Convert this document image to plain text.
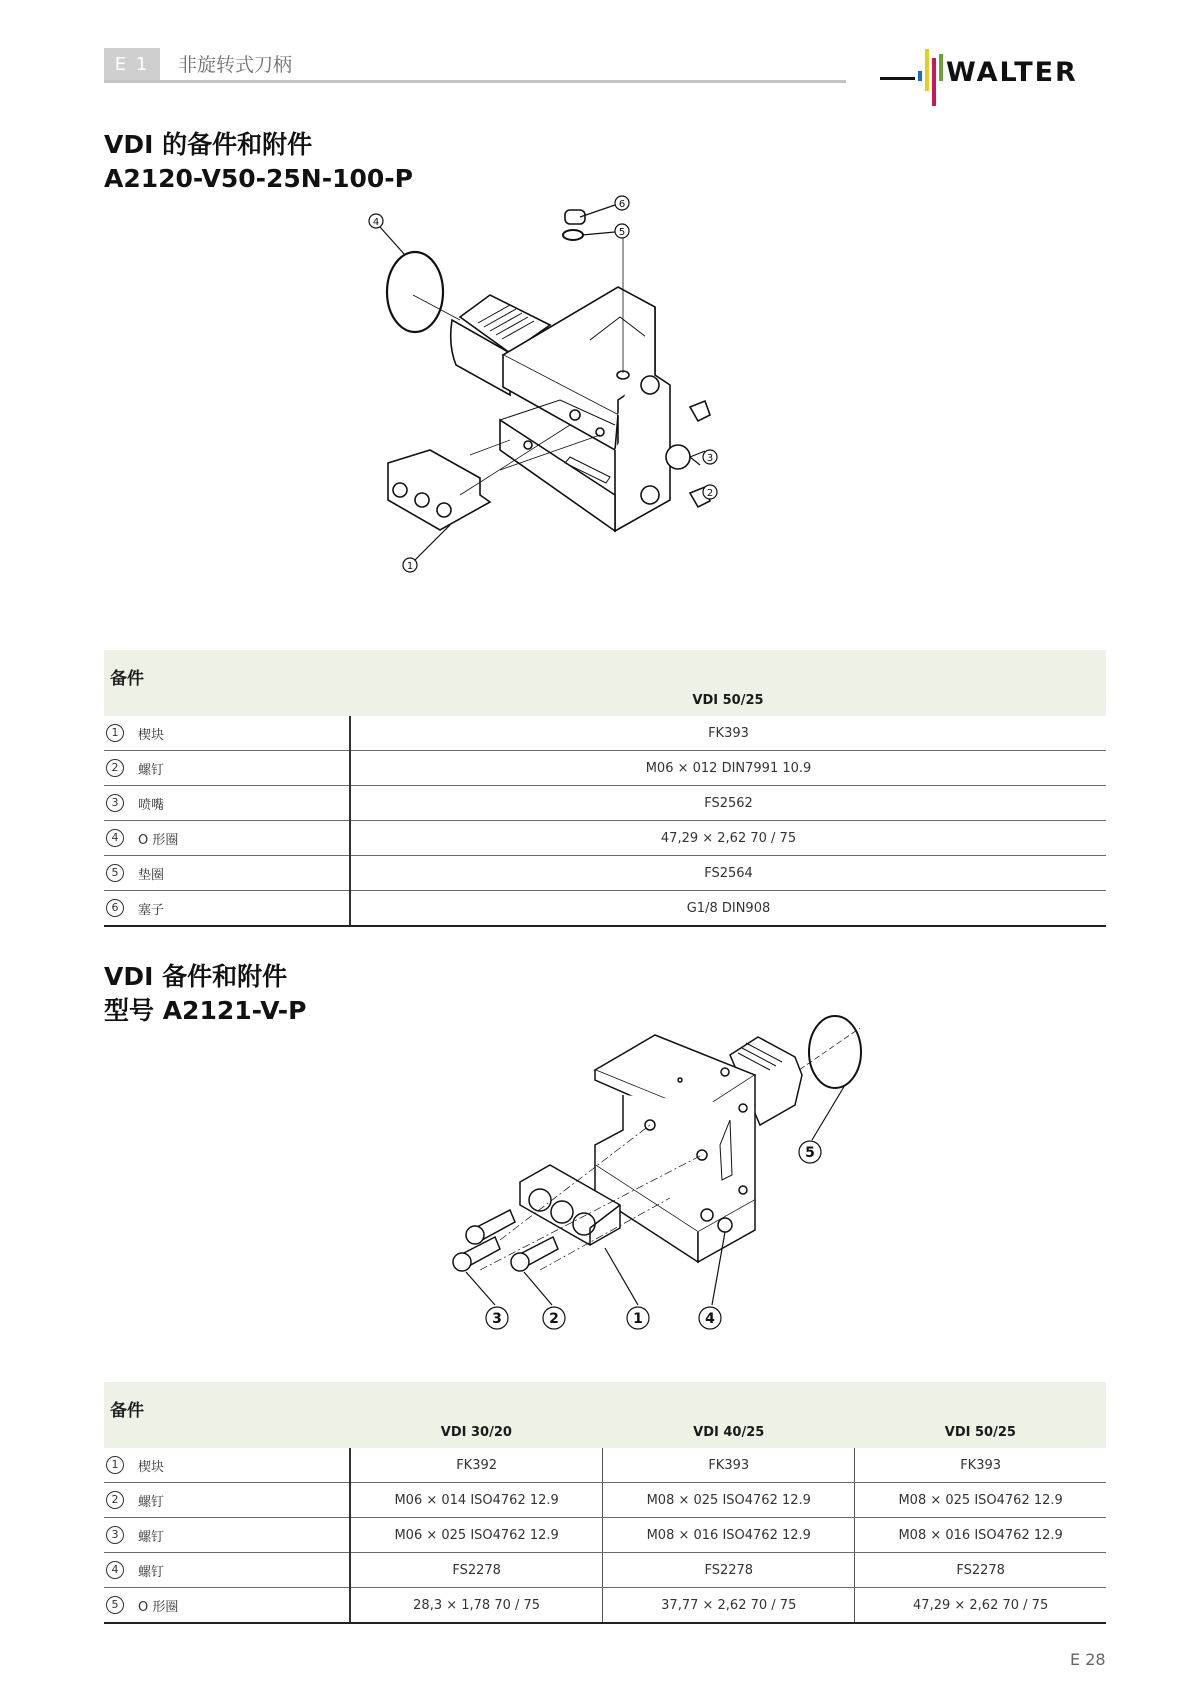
E 1	非旋转式刀柄	WALTER
VDI 的备件和附件
A2120-V50-25N-100-P
6
5
4
3
2
1
备件	VDI 50/25
1 楔块	FK393
2 螺钉	M06 × 012 DIN7991 10.9
3 喷嘴	FS2562
4 O 形圈	47,29 × 2,62 70 / 75
5 垫圈	FS2564
6 塞子	G1/8 DIN908
VDI 备件和附件
型号 A2121-V-P
5
3	2	1	4
备件	VDI 30/20	VDI 40/25	VDI 50/25
1 楔块	FK392	FK393	FK393
2 螺钉	M06 × 014 ISO4762 12.9	M08 × 025 ISO4762 12.9	M08 × 025 ISO4762 12.9
3 螺钉	M06 × 025 ISO4762 12.9	M08 × 016 ISO4762 12.9	M08 × 016 ISO4762 12.9
4 螺钉	FS2278	FS2278	FS2278
5 O 形圈	28,3 × 1,78 70 / 75	37,77 × 2,62 70 / 75	47,29 × 2,62 70 / 75
E 28
